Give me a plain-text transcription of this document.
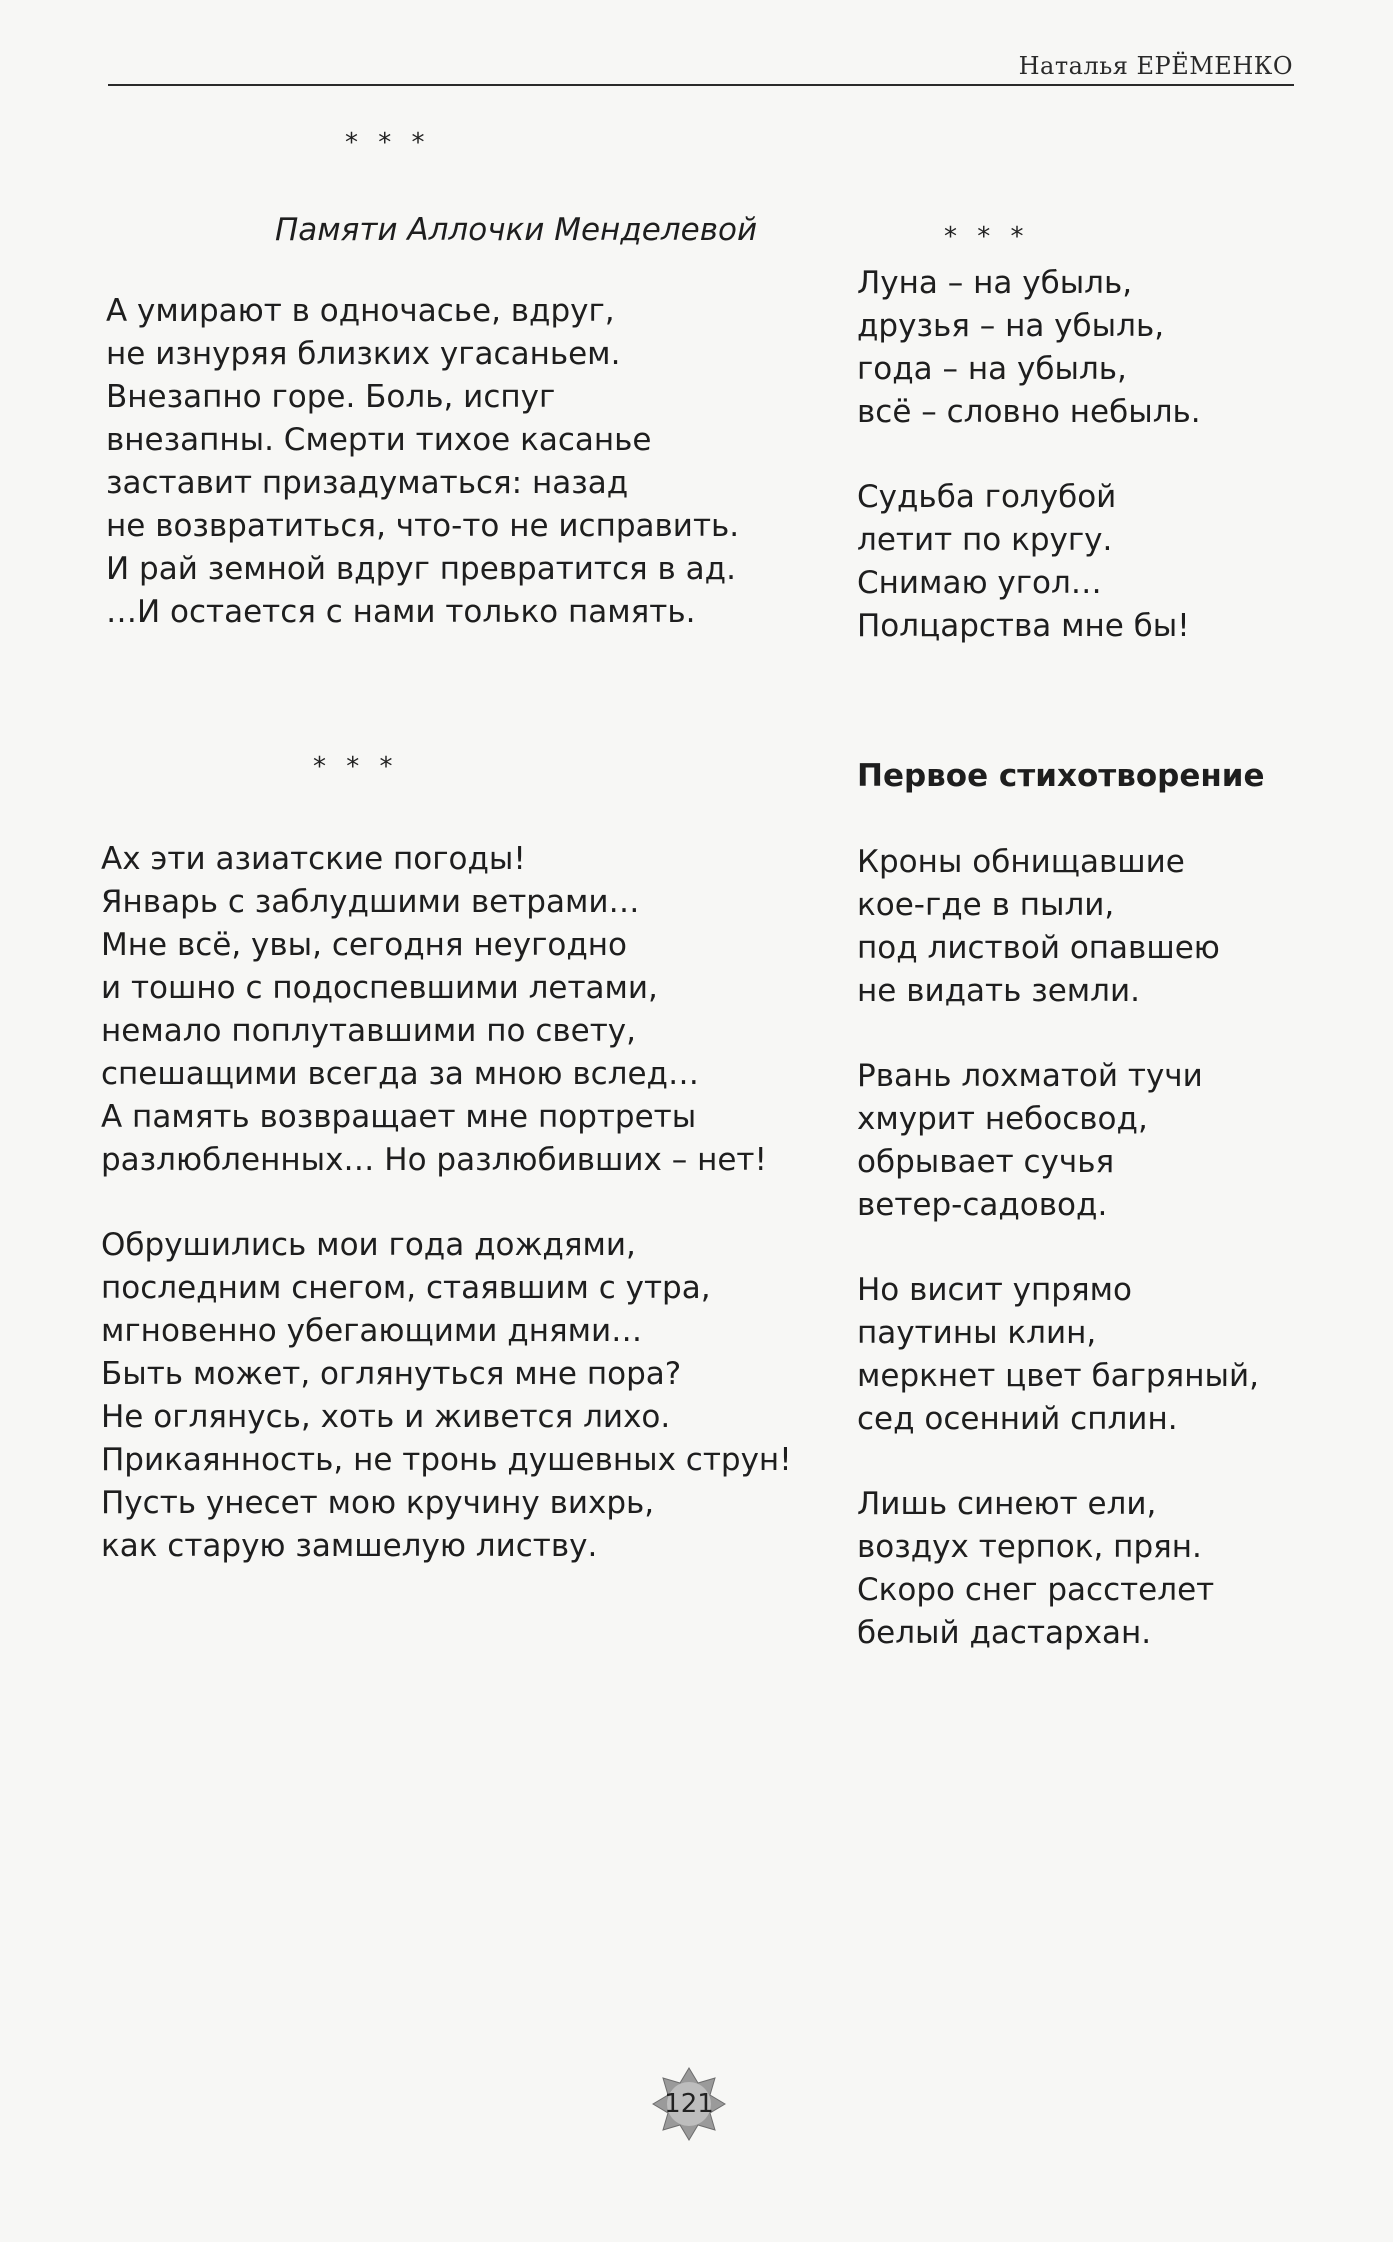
Наталья ЕРЁМЕНКО
* * *
Памяти Аллочки Менделевой
А умирают в одночасье, вдруг,
не изнуряя близких угасаньем.
Внезапно горе. Боль, испуг
внезапны. Смерти тихое касанье
заставит призадуматься: назад
не возвратиться, что-то не исправить.
И рай земной вдруг превратится в ад.
…И остается с нами только память.
* * *
Луна – на убыль,
друзья – на убыль,
года – на убыль,
всё – словно небыль.
Судьба голубой
летит по кругу.
Снимаю угол…
Полцарства мне бы!
* * *
Ах эти азиатские погоды!
Январь с заблудшими ветрами…
Мне всё, увы, сегодня неугодно
и тошно с подоспевшими летами,
немало поплутавшими по свету,
спешащими всегда за мною вслед…
А память возвращает мне портреты
разлюбленных… Но разлюбивших – нет!
Обрушились мои года дождями,
последним снегом, стаявшим с утра,
мгновенно убегающими днями…
Быть может, оглянуться мне пора?
Не оглянусь, хоть и живется лихо.
Прикаянность, не тронь душевных струн!
Пусть унесет мою кручину вихрь,
как старую замшелую листву.
Первое стихотворение
Кроны обнищавшие
кое-где в пыли,
под листвой опавшею
не видать земли.
Рвань лохматой тучи
хмурит небосвод,
обрывает сучья
ветер-садовод.
Но висит упрямо
паутины клин,
меркнет цвет багряный,
сед осенний сплин.
Лишь синеют ели,
воздух терпок, прян.
Скоро снег расстелет
белый дастархан.
121
